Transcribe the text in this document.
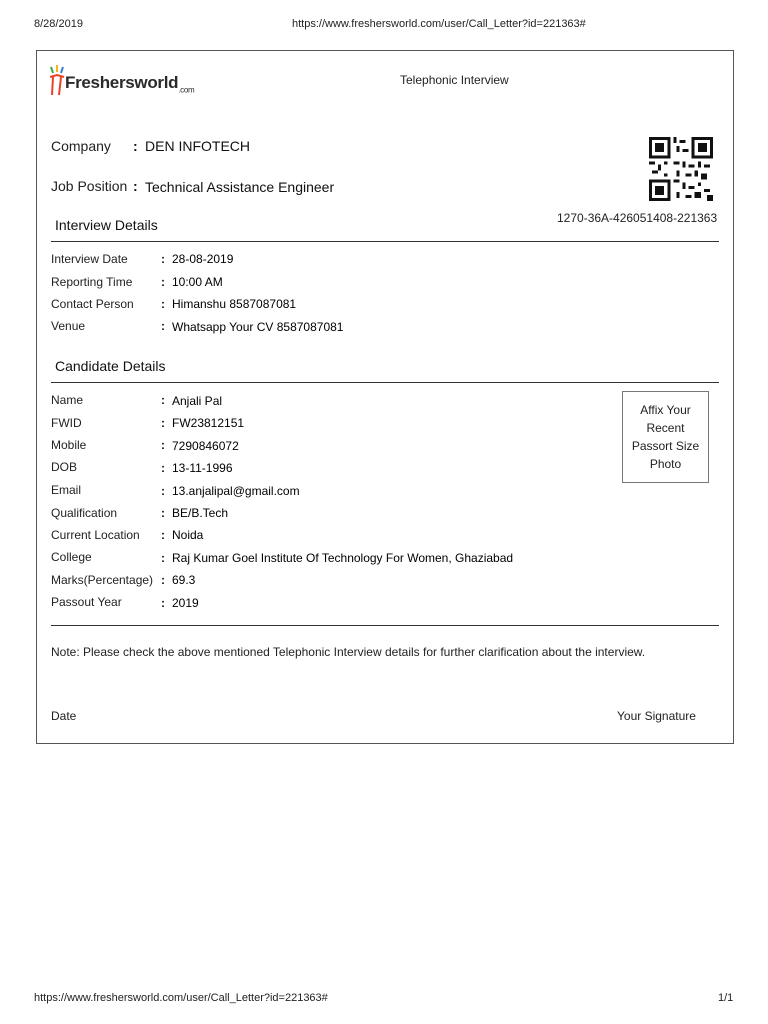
8/28/2019	https://www.freshersworld.com/user/Call_Letter?id=221363#
Freshersworld$_{.com}$
Telephonic Interview
Company : DEN INFOTECH
Job Position : Technical Assistance Engineer
1270-36A-426051408-221363
Interview Details
Interview Date	: 28-08-2019
Reporting Time : 10:00 AM
Contact Person : Himanshu 8587087081
Venue	: Whatsapp Your CV 8587087081
Candidate Details
Name	: Anjali Pal
FWID	: FW23812151
Mobile	: 7290846072
DOB	: 13-11-1996
Email	: 13.anjalipal@gmail.com
Qualification	: BE/B.Tech
Current Location : Noida
College	: Raj Kumar Goel Institute Of Technology For Women, Ghaziabad
Marks(Percentage) : 69.3
Passout Year	: 2019
Affix Your
Recent
Passort Size
Photo
Note: Please check the above mentioned Telephonic Interview details for further clarification about the interview.
Date	Your Signature
https://www.freshersworld.com/user/Call_Letter?id=221363#	1/1
